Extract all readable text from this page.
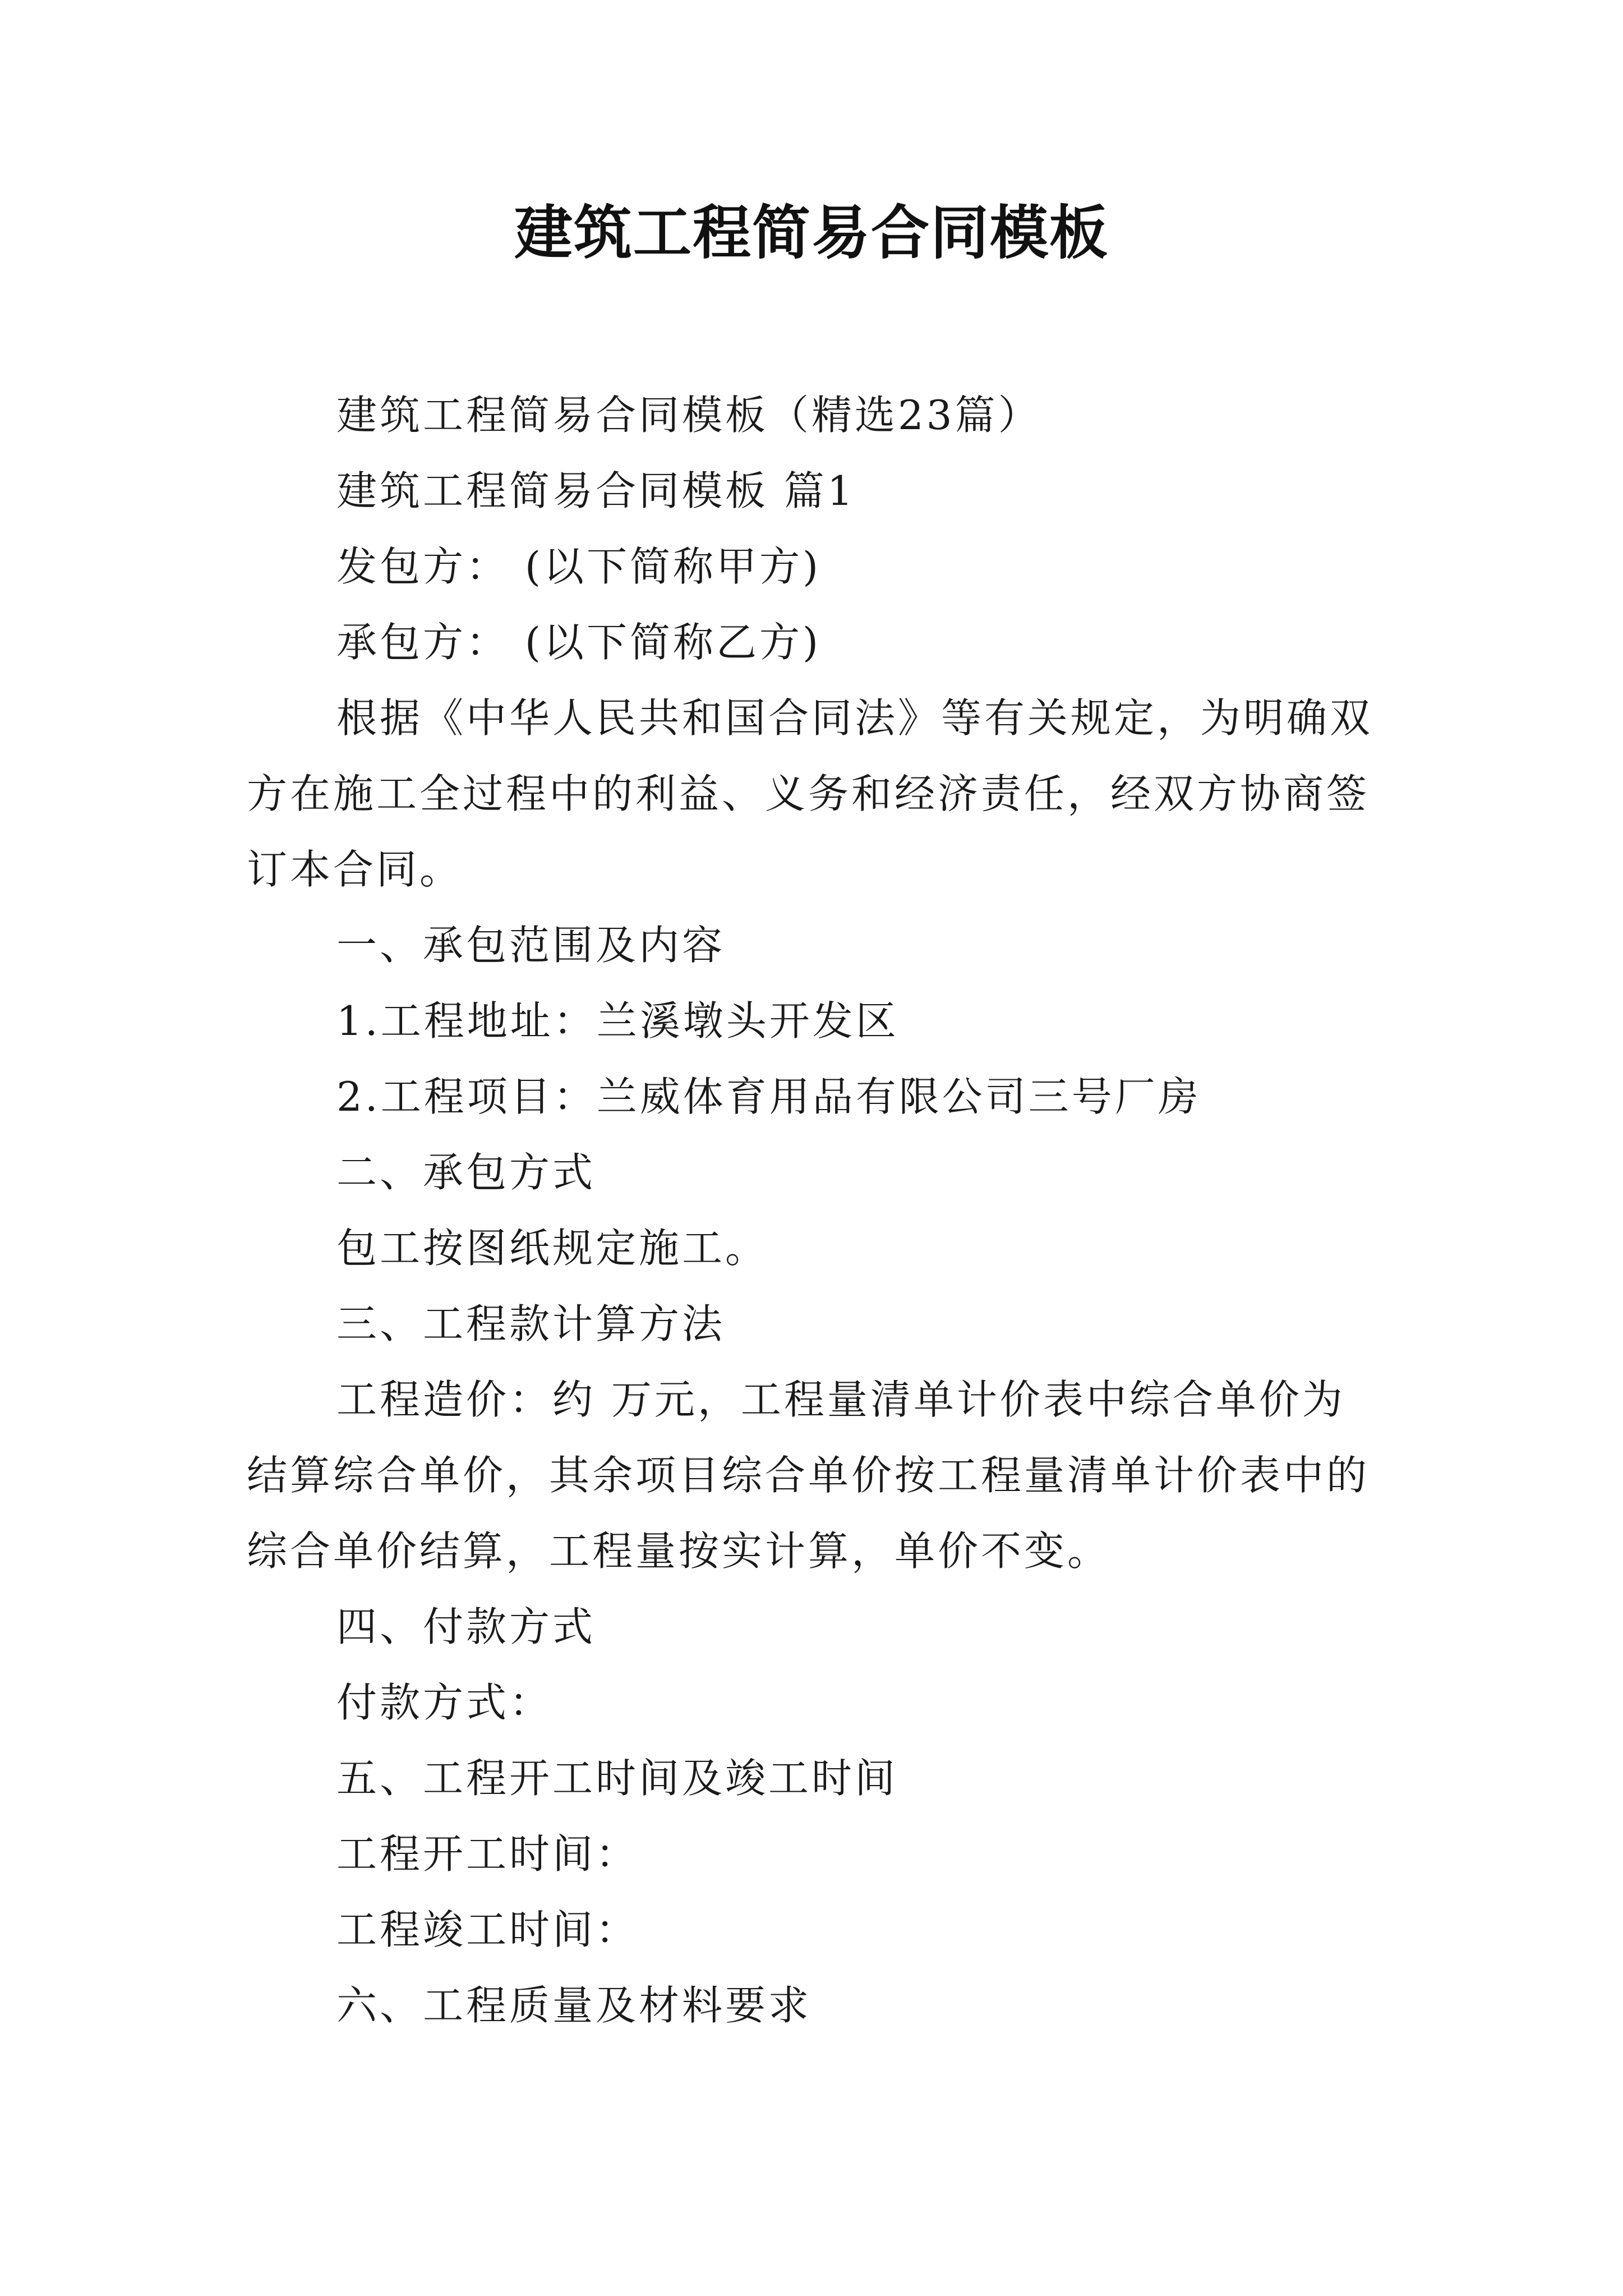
建筑工程简易合同模板
建筑工程简易合同模板（精选23篇）
建筑工程简易合同模板 篇1
发包方： (以下简称甲方)
承包方： (以下简称乙方)
根据《中华人民共和国合同法》等有关规定，为明确双
方在施工全过程中的利益、义务和经济责任，经双方协商签
订本合同。
一、承包范围及内容
1.工程地址：兰溪墩头开发区
2.工程项目：兰威体育用品有限公司三号厂房
二、承包方式
包工按图纸规定施工。
三、工程款计算方法
工程造价：约 万元，工程量清单计价表中综合单价为
结算综合单价，其余项目综合单价按工程量清单计价表中的
综合单价结算，工程量按实计算，单价不变。
四、付款方式
付款方式：
五、工程开工时间及竣工时间
工程开工时间：
工程竣工时间：
六、工程质量及材料要求
